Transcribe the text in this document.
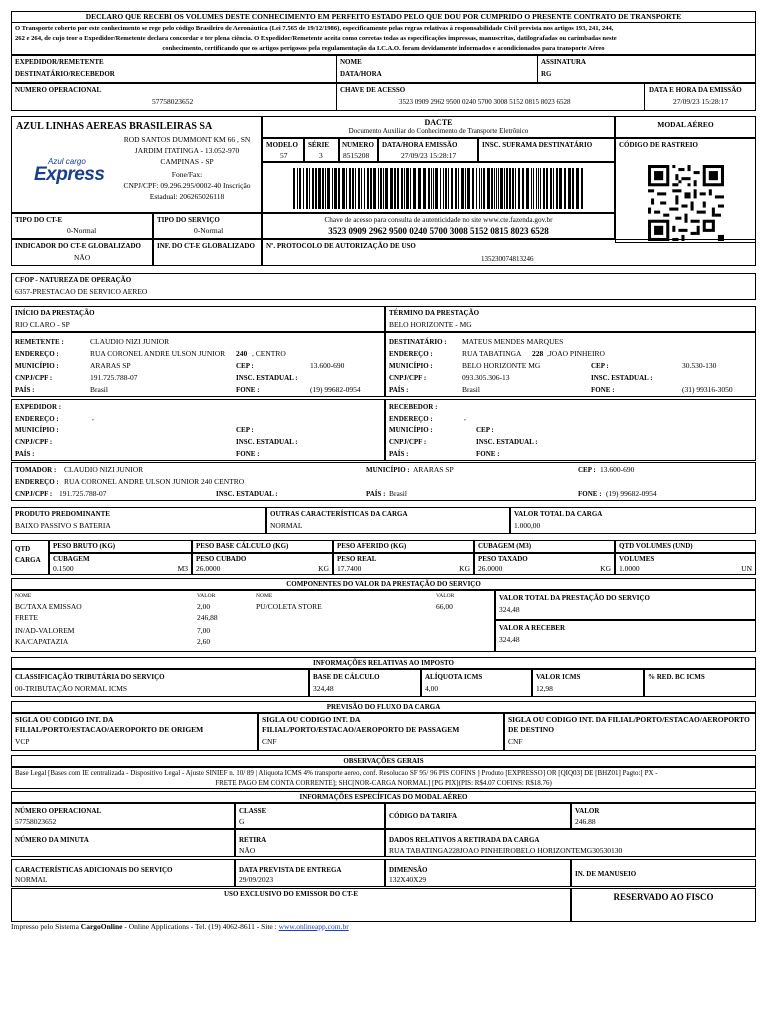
DECLARO QUE RECEBI OS VOLUMES DESTE CONHECIMENTO EM PERFEITO ESTADO PELO QUE DOU POR CUMPRIDO O PRESENTE CONTRATO DE TRANSPORTE
O Transporte coberto por este conhecimento se rege pelo código Brasileiro de Aeronáutica (Lei 7.565 de 19/12/1986), especificamente pelas regras relativas à responsabilidade Civil prevista nos artigos 193, 241, 244,
262 e 264, de cujo teor o Expedidor/Remetente declara concordar e ter plena ciência. O Expedidor/Remetente aceita como corretas todas as especificações impressas, manuscritas, datilografadas ou carimbadas neste
conhecimento, certificando que os artigos perigosos pela regulamentação da I.C.A.O. foram devidamente informados e acondicionados para transporte Aéreo
EXPEDIDOR/REMETENTE
DESTINATÁRIO/RECEBEDOR
NOME
DATA/HORA
ASSINATURA
RG
NUMERO OPERACIONAL
57758023652
CHAVE DE ACESSO
3523 0909 2962 9500 0240 5700 3008 5152 0815 8023 6528
DATA E HORA DA EMISSÃO
27/09/23 15:28:17
AZUL LINHAS AEREAS BRASILEIRAS SA
Azul cargo
Express
ROD SANTOS DUMMONT KM 66 , SN
JARDIM ITATINGA - 13.052-970
CAMPINAS - SP
Fone/Fax:
CNPJ/CPF: 09.296.295/0002-40 Inscrição
Estadual: 206265026118
DACTE
Documento Auxiliar do Conhecimento de Transporte Eletrônico
MODAL AÉREO
MODELO
57
SÉRIE
3
NUMERO
8515208
DATA/HORA EMISSÃO
27/09/23 15:28:17
INSC. SUFRAMA DESTINATÁRIO	CÓDIGO DE RASTREIO
TIPO DO CT-E
0-Normal
TIPO DO SERVIÇO
0-Normal
Chave de acesso para consulta de autenticidade no site www.cte.fazenda.gov.br
3523 0909 2962 9500 0240 5700 3008 5152 0815 8023 6528
INDICADOR DO CT-E GLOBALIZADO
NÃO
INF. DO CT-E GLOBALIZADO Nº. PROTOCOLO DE AUTORIZAÇÃO DE USO
135230074813246
CFOP - NATUREZA DE OPERAÇÃO
6357-PRESTACAO DE SERVICO AEREO
INÍCIO DA PRESTAÇÃO
RIO CLARO - SP
TÉRMINO DA PRESTAÇÃO
BELO HORIZONTE - MG
REMETENTE :	CLAUDIO NIZI JUNIOR
ENDEREÇO :	RUA CORONEL ANDRE ULSON JUNIOR 240 , CENTRO
MUNICÍPIO :	ARARAS SP	CEP :	13.600-690
CNPJ/CPF :	191.725.788-07	INSC. ESTADUAL :
PAÍS :	Brasil	FONE :	(19) 99682-0954
DESTINATÁRIO : MATEUS MENDES MARQUES
ENDEREÇO :	RUA TABATINGA 228 ,JOAO PINHEIRO
MUNICÍPIO :	BELO HORIZONTE MG	CEP :	30.530-130
CNPJ/CPF :	093.305.306-13	INSC. ESTADUAL :
PAÍS :	Brasil	FONE :	(31) 99316-3050
EXPEDIDOR :
ENDEREÇO :	,
MUNICÍPIO :	CEP :
CNPJ/CPF :	INSC. ESTADUAL :
PAÍS :	FONE :
RECEBEDOR :
ENDEREÇO :	,
MUNICÍPIO :	CEP :
CNPJ/CPF :	INSC. ESTADUAL :
PAÍS :	FONE :
TOMADOR : CLAUDIO NIZI JUNIOR	MUNICÍPIO : ARARAS SP	CEP : 13.600-690
ENDEREÇO : RUA CORONEL ANDRE ULSON JUNIOR 240 CENTRO
CNPJ/CPF : 191.725.788-07	INSC. ESTADUAL :	PAÍS : Brasil	FONE : (19) 99682-0954
PRODUTO PREDOMINANTE
BAIXO PASSIVO S BATERIA
OUTRAS CARACTERÍSTICAS DA CARGA
NORMAL
VALOR TOTAL DA CARGA
1.000,00
QTD
CARGA
PESO BRUTO (KG)	PESO BASE CÁLCULO (KG)	PESO AFERIDO (KG)	CUBAGEM (M3)	QTD VOLUMES (UND)
CUBAGEM
0.1500	M3
PESO CUBADO
26.0000	KG
PESO REAL
17.7400	KG
PESO TAXADO
26.0000	KG
VOLUMES
1.0000	UN
COMPONENTES DO VALOR DA PRESTAÇÃO DO SERVIÇO
NOME	VALOR	NOME	VALOR
BC/TAXA EMISSAO	2,00
FRETE	246,88
IN/AD-VALOREM	7,00
KA/CAPATAZIA	2,60
PU/COLETA STORE	66,00
VALOR TOTAL DA PRESTAÇÃO DO SERVIÇO
324,48
VALOR A RECEBER
324,48
INFORMAÇÕES RELATIVAS AO IMPOSTO
CLASSIFICAÇÃO TRIBUTÁRIA DO SERVIÇO
00-TRIBUTAÇÃO NORMAL ICMS
BASE DE CÁLCULO
324,48
ALÍQUOTA ICMS
4,00
VALOR ICMS
12,98
% RED. BC ICMS
PREVISÃO DO FLUXO DA CARGA
SIGLA OU CODIGO INT. DA
FILIAL/PORTO/ESTACAO/AEROPORTO DE ORIGEM
VCP
SIGLA OU CODIGO INT. DA
FILIAL/PORTO/ESTACAO/AEROPORTO DE PASSAGEM
CNF
SIGLA OU CODIGO INT. DA FILIAL/PORTO/ESTACAO/AEROPORTO
DE DESTINO
CNF
OBSERVAÇÕES GERAIS
Base Legal [Bases com IE centralizada - Dispositivo Legal - Ajuste SINIEF n. 10/ 89 | Aliquota ICMS 4% transporte aereo, conf. Resolucao SF 95/ 96 PIS COFINS ] Produto [EXPRESSO] OR [QIQ03] DE [BHZ01] Pagto:[ PX -
FRETE PAGO EM CONTA CORRENTE]; SHC[NOR-CARGA NORMAL] [PG PIX](PIS: R$4.07 COFINS: R$18.76)
INFORMAÇÕES ESPECÍFICAS DO MODAL AÉREO
NÚMERO OPERACIONAL
57758023652
CLASSE
G
CÓDIGO DA TARIFA
VALOR
246.88
NÚMERO DA MINUTA	RETIRA
NÃO
DADOS RELATIVOS A RETIRADA DA CARGA
RUA TABATINGA228JOAO PINHEIROBELO HORIZONTEMG30530130
CARACTERÍSTICAS ADICIONAIS DO SERVIÇO
NORMAL
DATA PREVISTA DE ENTREGA
29/09/2023
DIMENSÃO
132X40X29
IN. DE MANUSEIO
USO EXCLUSIVO DO EMISSOR DO CT-E	RESERVADO AO FISCO
Impresso pelo Sistema CargoOnline - Online Applications - Tel. (19) 4062-8611 - Site : www.onlineapp.com.br
